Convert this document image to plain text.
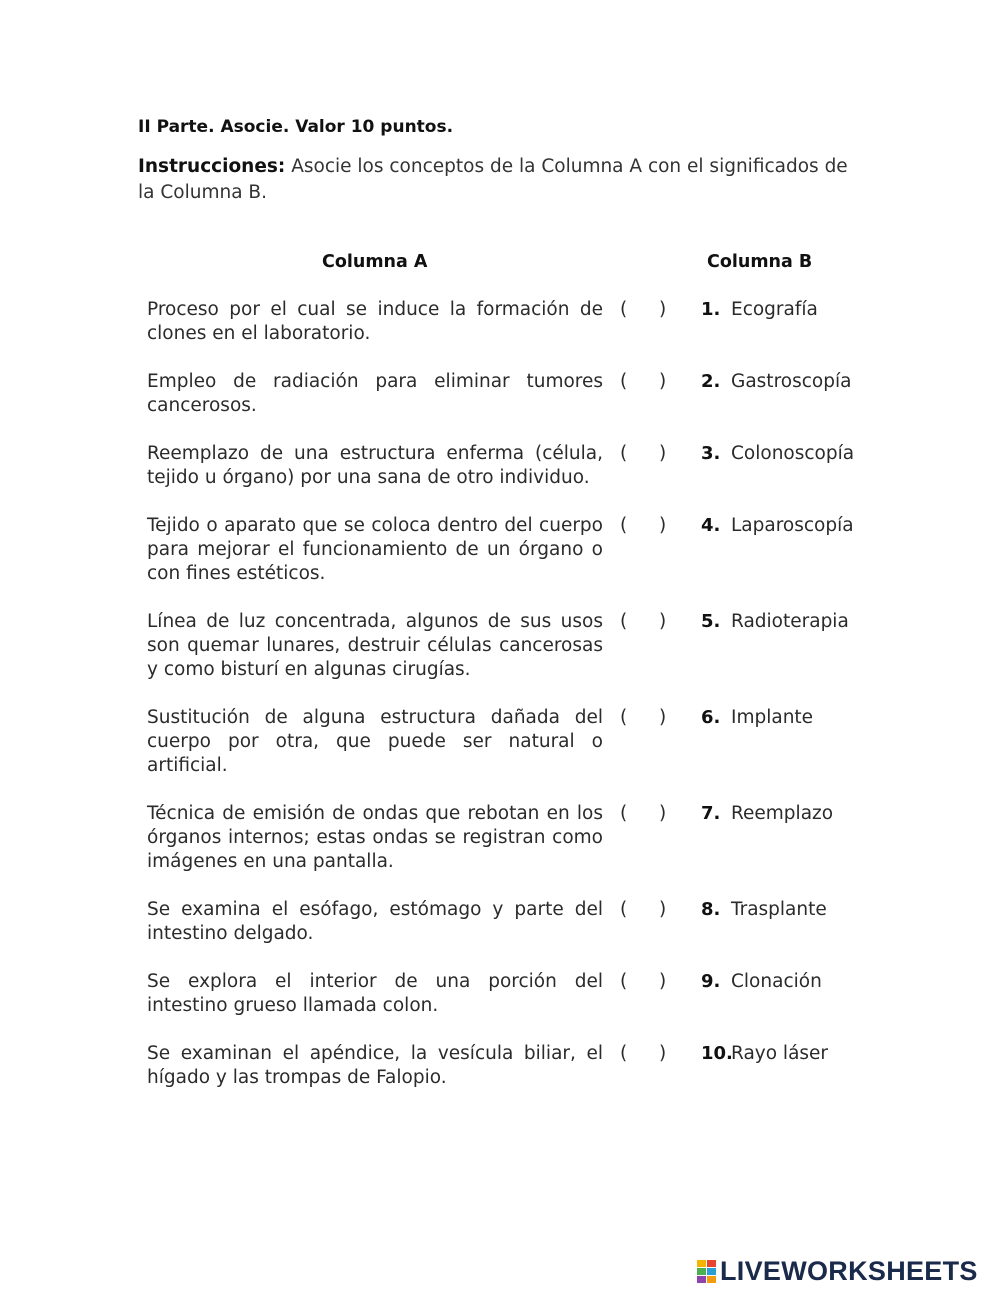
II Parte. Asocie. Valor 10 puntos.
Instrucciones: Asocie los conceptos de la Columna A con el significados de la Columna B.
Columna A	Columna B
Proceso por el cual se induce la formación de clones en el laboratorio.
( ) 1. Ecografía
Empleo de radiación para eliminar tumores cancerosos.
( ) 2. Gastroscopía
Reemplazo de una estructura enferma (célula, tejido u órgano) por una sana de otro individuo.
( ) 3. Colonoscopía
Tejido o aparato que se coloca dentro del cuerpo para mejorar el funcionamiento de un órgano o con fines estéticos.
( ) 4. Laparoscopía
Línea de luz concentrada, algunos de sus usos son quemar lunares, destruir células cancerosas y como bisturí en algunas cirugías.
( ) 5. Radioterapia
Sustitución de alguna estructura dañada del cuerpo por otra, que puede ser natural o artificial.
( ) 6. Implante
Técnica de emisión de ondas que rebotan en los órganos internos; estas ondas se registran como imágenes en una pantalla.
( ) 7. Reemplazo
Se examina el esófago, estómago y parte del intestino delgado.
( ) 8. Trasplante
Se explora el interior de una porción del intestino grueso llamada colon.
( ) 9. Clonación
Se examinan el apéndice, la vesícula biliar, el hígado y las trompas de Falopio.
( ) 10.
Rayo láser
LIVEWORKSHEETS
